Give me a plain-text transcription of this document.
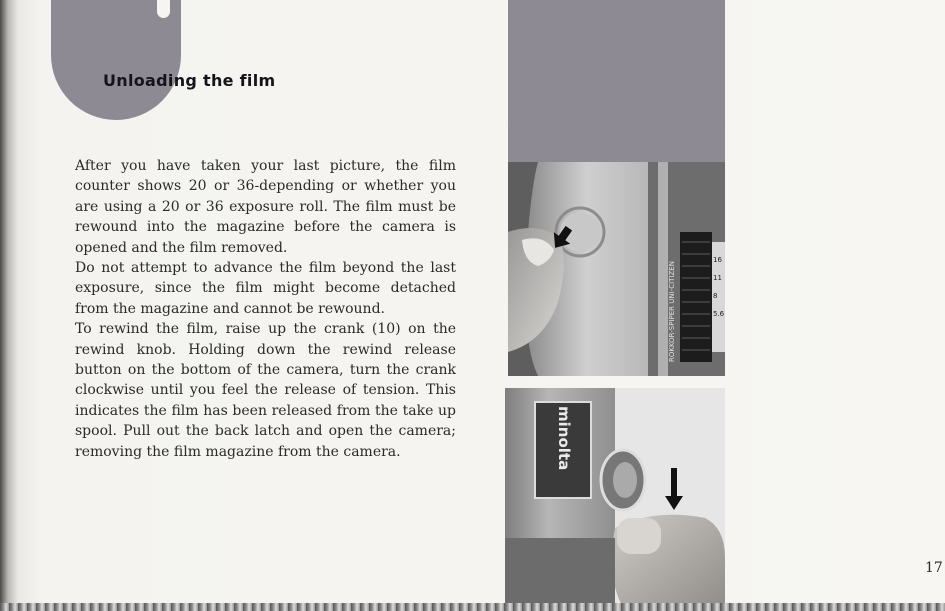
Unloading the film

After you have taken your last picture, the film counter shows 20 or 36-depending or whether you are using a 20 or 36 exposure roll. The film must be rewound into the magazine before the camera is opened and the film removed.

Do not attempt to advance the film beyond the last exposure, since the film might become detached from the magazine and cannot be rewound.

To rewind the film, raise up the crank (10) on the rewind knob. Holding down the rewind release button on the bottom of the camera, turn the crank clockwise until you feel the release of tension. This indicates the film has been released from the take up spool. Pull out the back latch and open the camera; removing the film magazine from the camera.

16
11
8
5.6
ROKKOR-SPIPER UNI-CITIZEN
minolta
17
